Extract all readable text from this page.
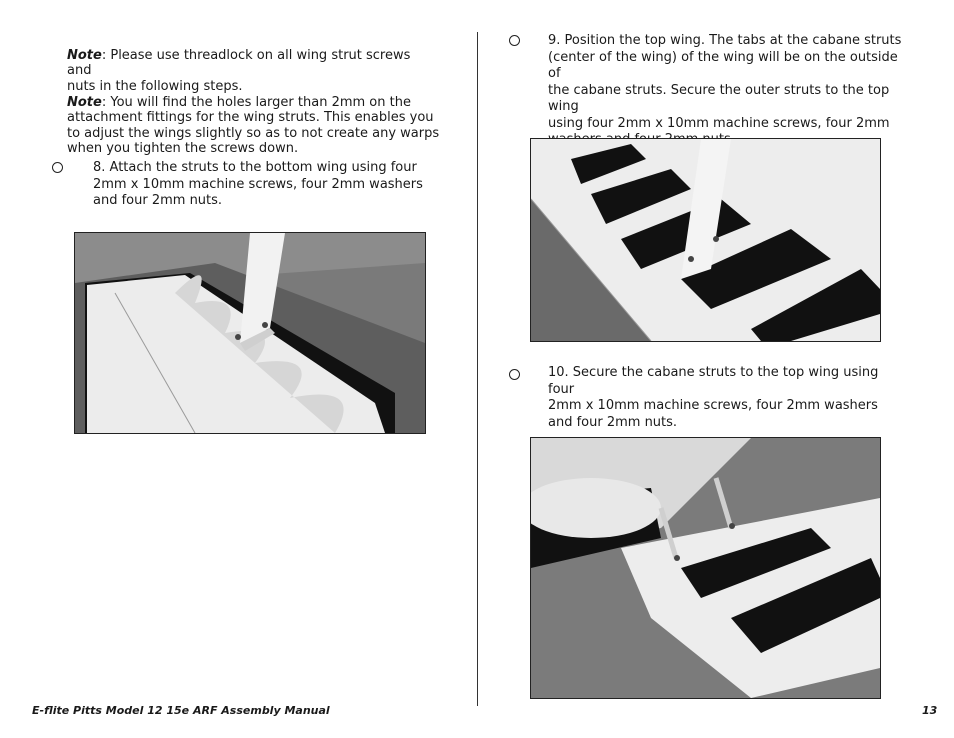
Note: Please use threadlock on all wing strut screws and
nuts in the following steps.

Note: You will find the holes larger than 2mm on the
attachment fittings for the wing struts. This enables you
to adjust the wings slightly so as to not create any warps
when you tighten the screws down.

8. Attach the struts to the bottom wing using four
2mm x 10mm machine screws, four 2mm washers
and four 2mm nuts.
9. Position the top wing. The tabs at the cabane struts
(center of the wing) of the wing will be on the outside of
the cabane struts. Secure the outer struts to the top wing
using four 2mm x 10mm machine screws, four 2mm

10. Secure the cabane struts to the top wing using four
2mm x 10mm machine screws, four 2mm washers
and four 2mm nuts.
E-flite Pitts Model 12 15e ARF Assembly Manual	13
